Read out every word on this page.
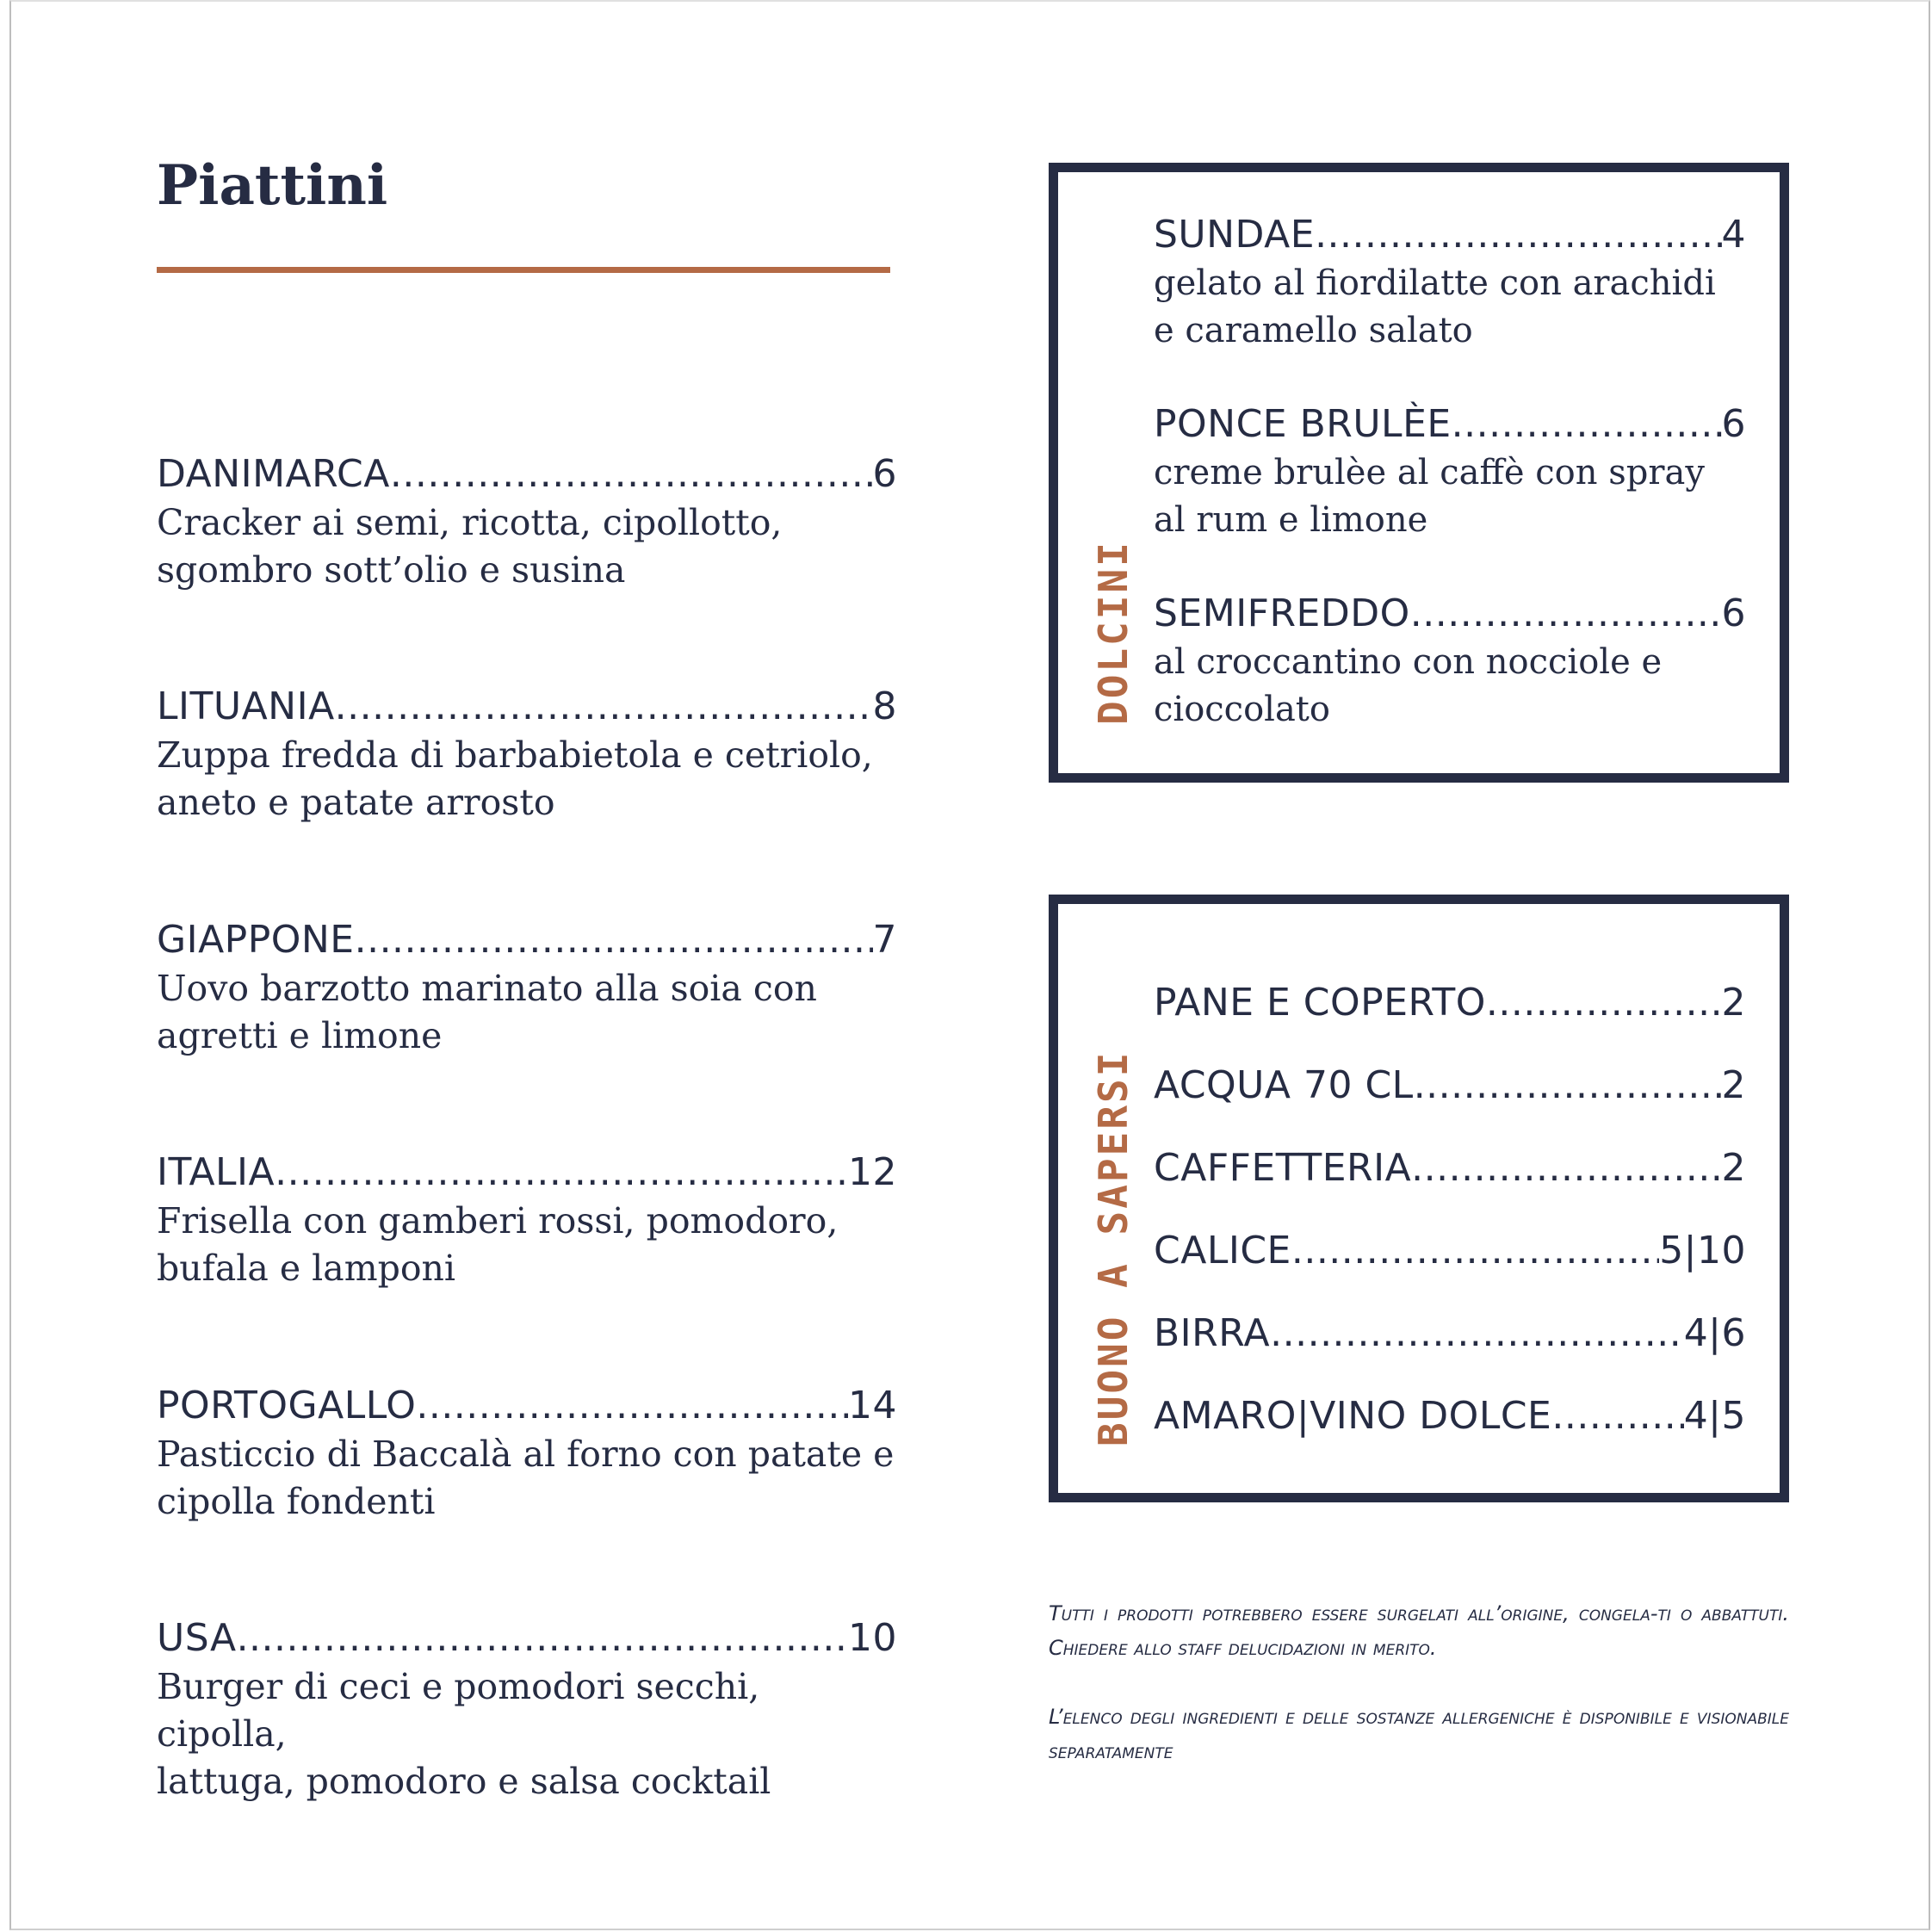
Piattini
DANIMARCA .....	6

Cracker ai semi, ricotta, cipollotto,
sgombro sott’olio e susina

LITUANIA .....	8

Zuppa fredda di barbabietola e cetriolo,
aneto e patate arrosto

GIAPPONE .....	7

Uovo barzotto marinato alla soia con
agretti e limone

ITALIA .....	12

Frisella con gamberi rossi, pomodoro,
bufala e lamponi

PORTOGALLO .....	14

Pasticcio di Baccalà al forno con patate e
cipolla fondenti

USA .....	10

Burger di ceci e pomodori secchi, cipolla,
lattuga, pomodoro e salsa cocktail

DOLCINI
SUNDAE .....	4

gelato al fiordilatte con arachidi
e caramello salato

PONCE BRULÈE .....	6

creme brulèe al caffè con spray
al rum e limone

SEMIFREDDO .....	6

al croccantino con nocciole e
cioccolato

BUONO A SAPERSI
PANE E COPERTO .....	2
ACQUA 70 CL .....	2
CAFFETTERIA .....	2
CALICE .....	5|10
BIRRA .....	4|6
AMARO|VINO DOLCE .....	4|5

Tutti i prodotti potrebbero essere surgelati all’origine, congela-ti o abbattuti. Chiedere allo staff delucidazioni in merito.

L’elenco degli ingredienti e delle sostanze allergeniche è disponibile e visionabile separatamente
